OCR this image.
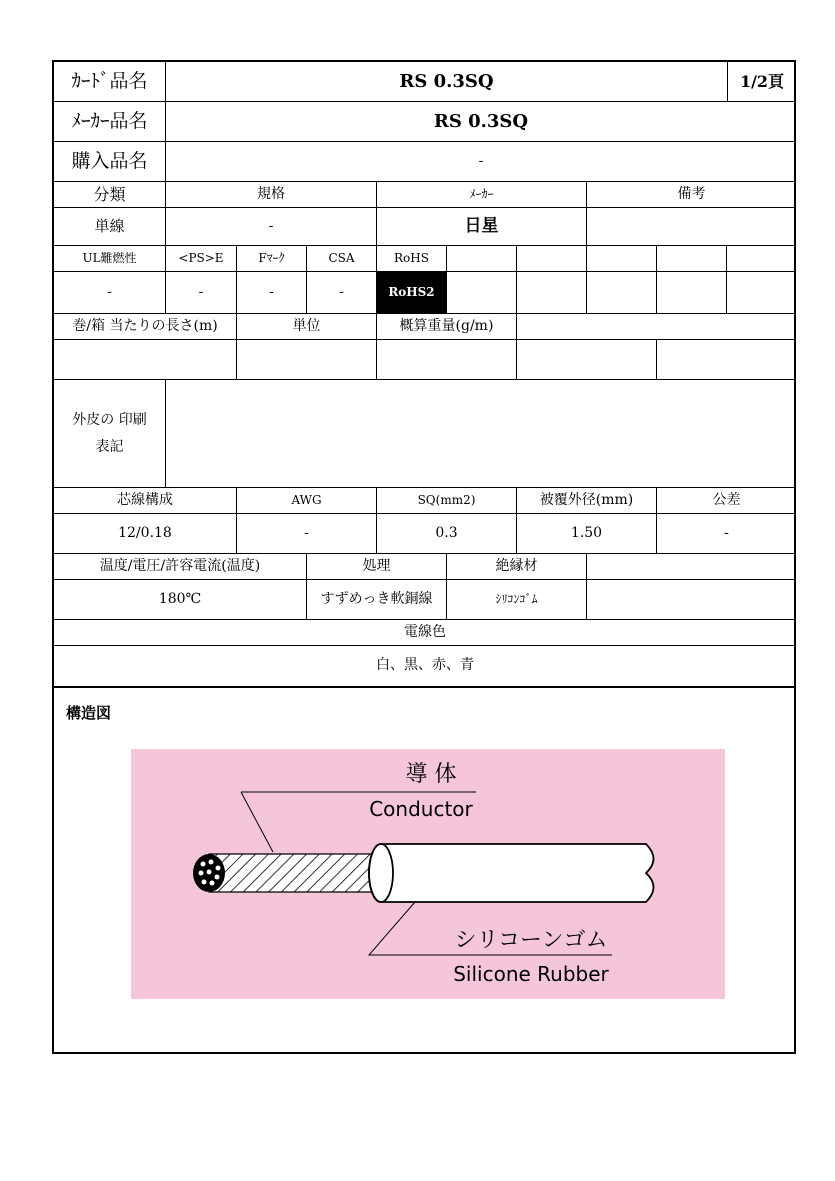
ｶｰﾄﾞ品名	RS 0.3SQ	1/2頁
ﾒｰｶｰ品名	RS 0.3SQ
購入品名	-
分類	規格	ﾒｰｶｰ	備考
単線	-	日星
UL難燃性	<PS>E	Fﾏｰｸ	CSA	RoHS
-	-	-	-	RoHS2
巻/箱 当たりの長さ(m)	単位	概算重量(g/m)
外皮の 印刷表記
芯線構成	AWG	SQ(mm2)	被覆外径(mm)	公差
12/0.18	-	0.3	1.50	-
温度/電圧/許容電流(温度)	処理	絶縁材
180℃	すずめっき軟銅線	ｼﾘｺﾝｺﾞﾑ
電線色
白、黒、赤、青
構造図
導 体
Conductor
シリコーンゴム
Silicone Rubber
